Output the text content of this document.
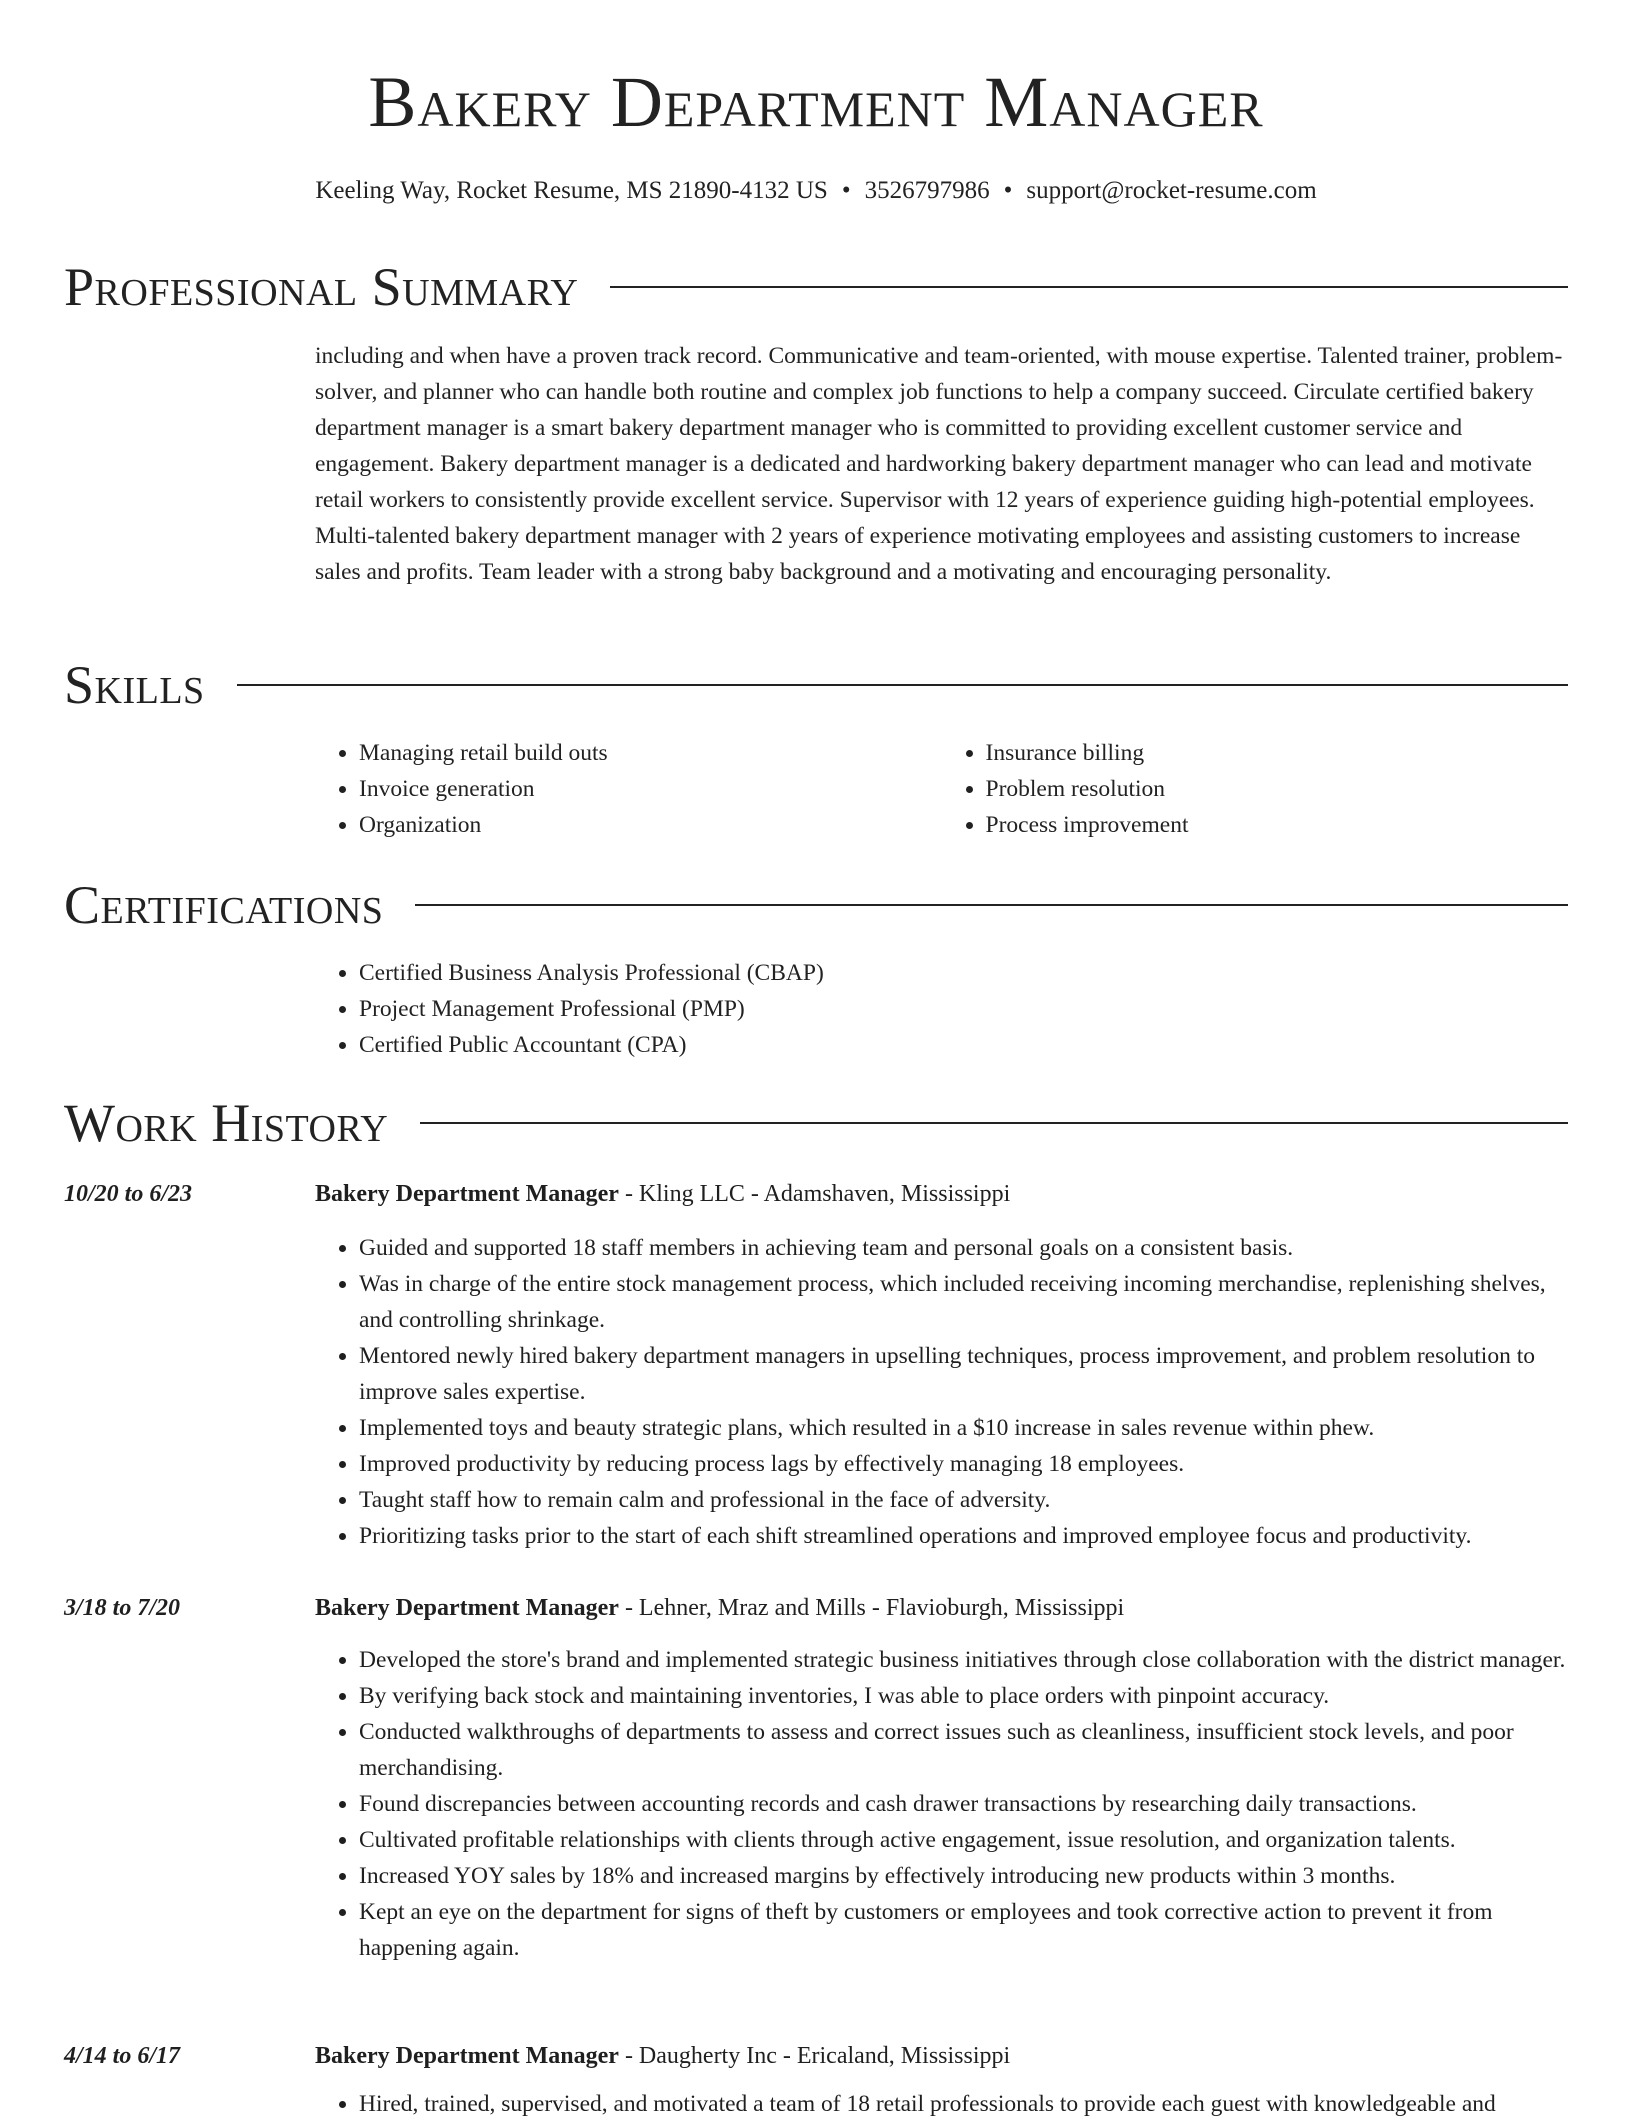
Bakery Department Manager
Keeling Way, Rocket Resume, MS 21890-4132 US • 3526797986 • support@rocket-resume.com
Professional Summary
including and when have a proven track record. Communicative and team-oriented, with mouse expertise. Talented trainer, problem-solver, and planner who can handle both routine and complex job functions to help a company succeed. Circulate certified bakery department manager is a smart bakery department manager who is committed to providing excellent customer service and engagement. Bakery department manager is a dedicated and hardworking bakery department manager who can lead and motivate retail workers to consistently provide excellent service. Supervisor with 12 years of experience guiding high-potential employees. Multi-talented bakery department manager with 2 years of experience motivating employees and assisting customers to increase sales and profits. Team leader with a strong baby background and a motivating and encouraging personality.
Skills
• Managing retail build outs
• Invoice generation
• Organization
• Insurance billing
• Problem resolution
• Process improvement
Certifications
• Certified Business Analysis Professional (CBAP)
• Project Management Professional (PMP)
• Certified Public Accountant (CPA)
Work History
10/20 to 6/23	Bakery Department Manager - Kling LLC - Adamshaven, Mississippi
• Guided and supported 18 staff members in achieving team and personal goals on a consistent basis.
• Was in charge of the entire stock management process, which included receiving incoming merchandise, replenishing shelves, and controlling shrinkage.
• Mentored newly hired bakery department managers in upselling techniques, process improvement, and problem resolution to improve sales expertise.
• Implemented toys and beauty strategic plans, which resulted in a $10 increase in sales revenue within phew.
• Improved productivity by reducing process lags by effectively managing 18 employees.
• Taught staff how to remain calm and professional in the face of adversity.
• Prioritizing tasks prior to the start of each shift streamlined operations and improved employee focus and productivity.
3/18 to 7/20	Bakery Department Manager - Lehner, Mraz and Mills - Flavioburgh, Mississippi
• Developed the store's brand and implemented strategic business initiatives through close collaboration with the district manager.
• By verifying back stock and maintaining inventories, I was able to place orders with pinpoint accuracy.
• Conducted walkthroughs of departments to assess and correct issues such as cleanliness, insufficient stock levels, and poor merchandising.
• Found discrepancies between accounting records and cash drawer transactions by researching daily transactions.
• Cultivated profitable relationships with clients through active engagement, issue resolution, and organization talents.
• Increased YOY sales by 18% and increased margins by effectively introducing new products within 3 months.
• Kept an eye on the department for signs of theft by customers or employees and took corrective action to prevent it from happening again.
4/14 to 6/17	Bakery Department Manager - Daugherty Inc - Ericaland, Mississippi
• Hired, trained, supervised, and motivated a team of 18 retail professionals to provide each guest with knowledgeable and
